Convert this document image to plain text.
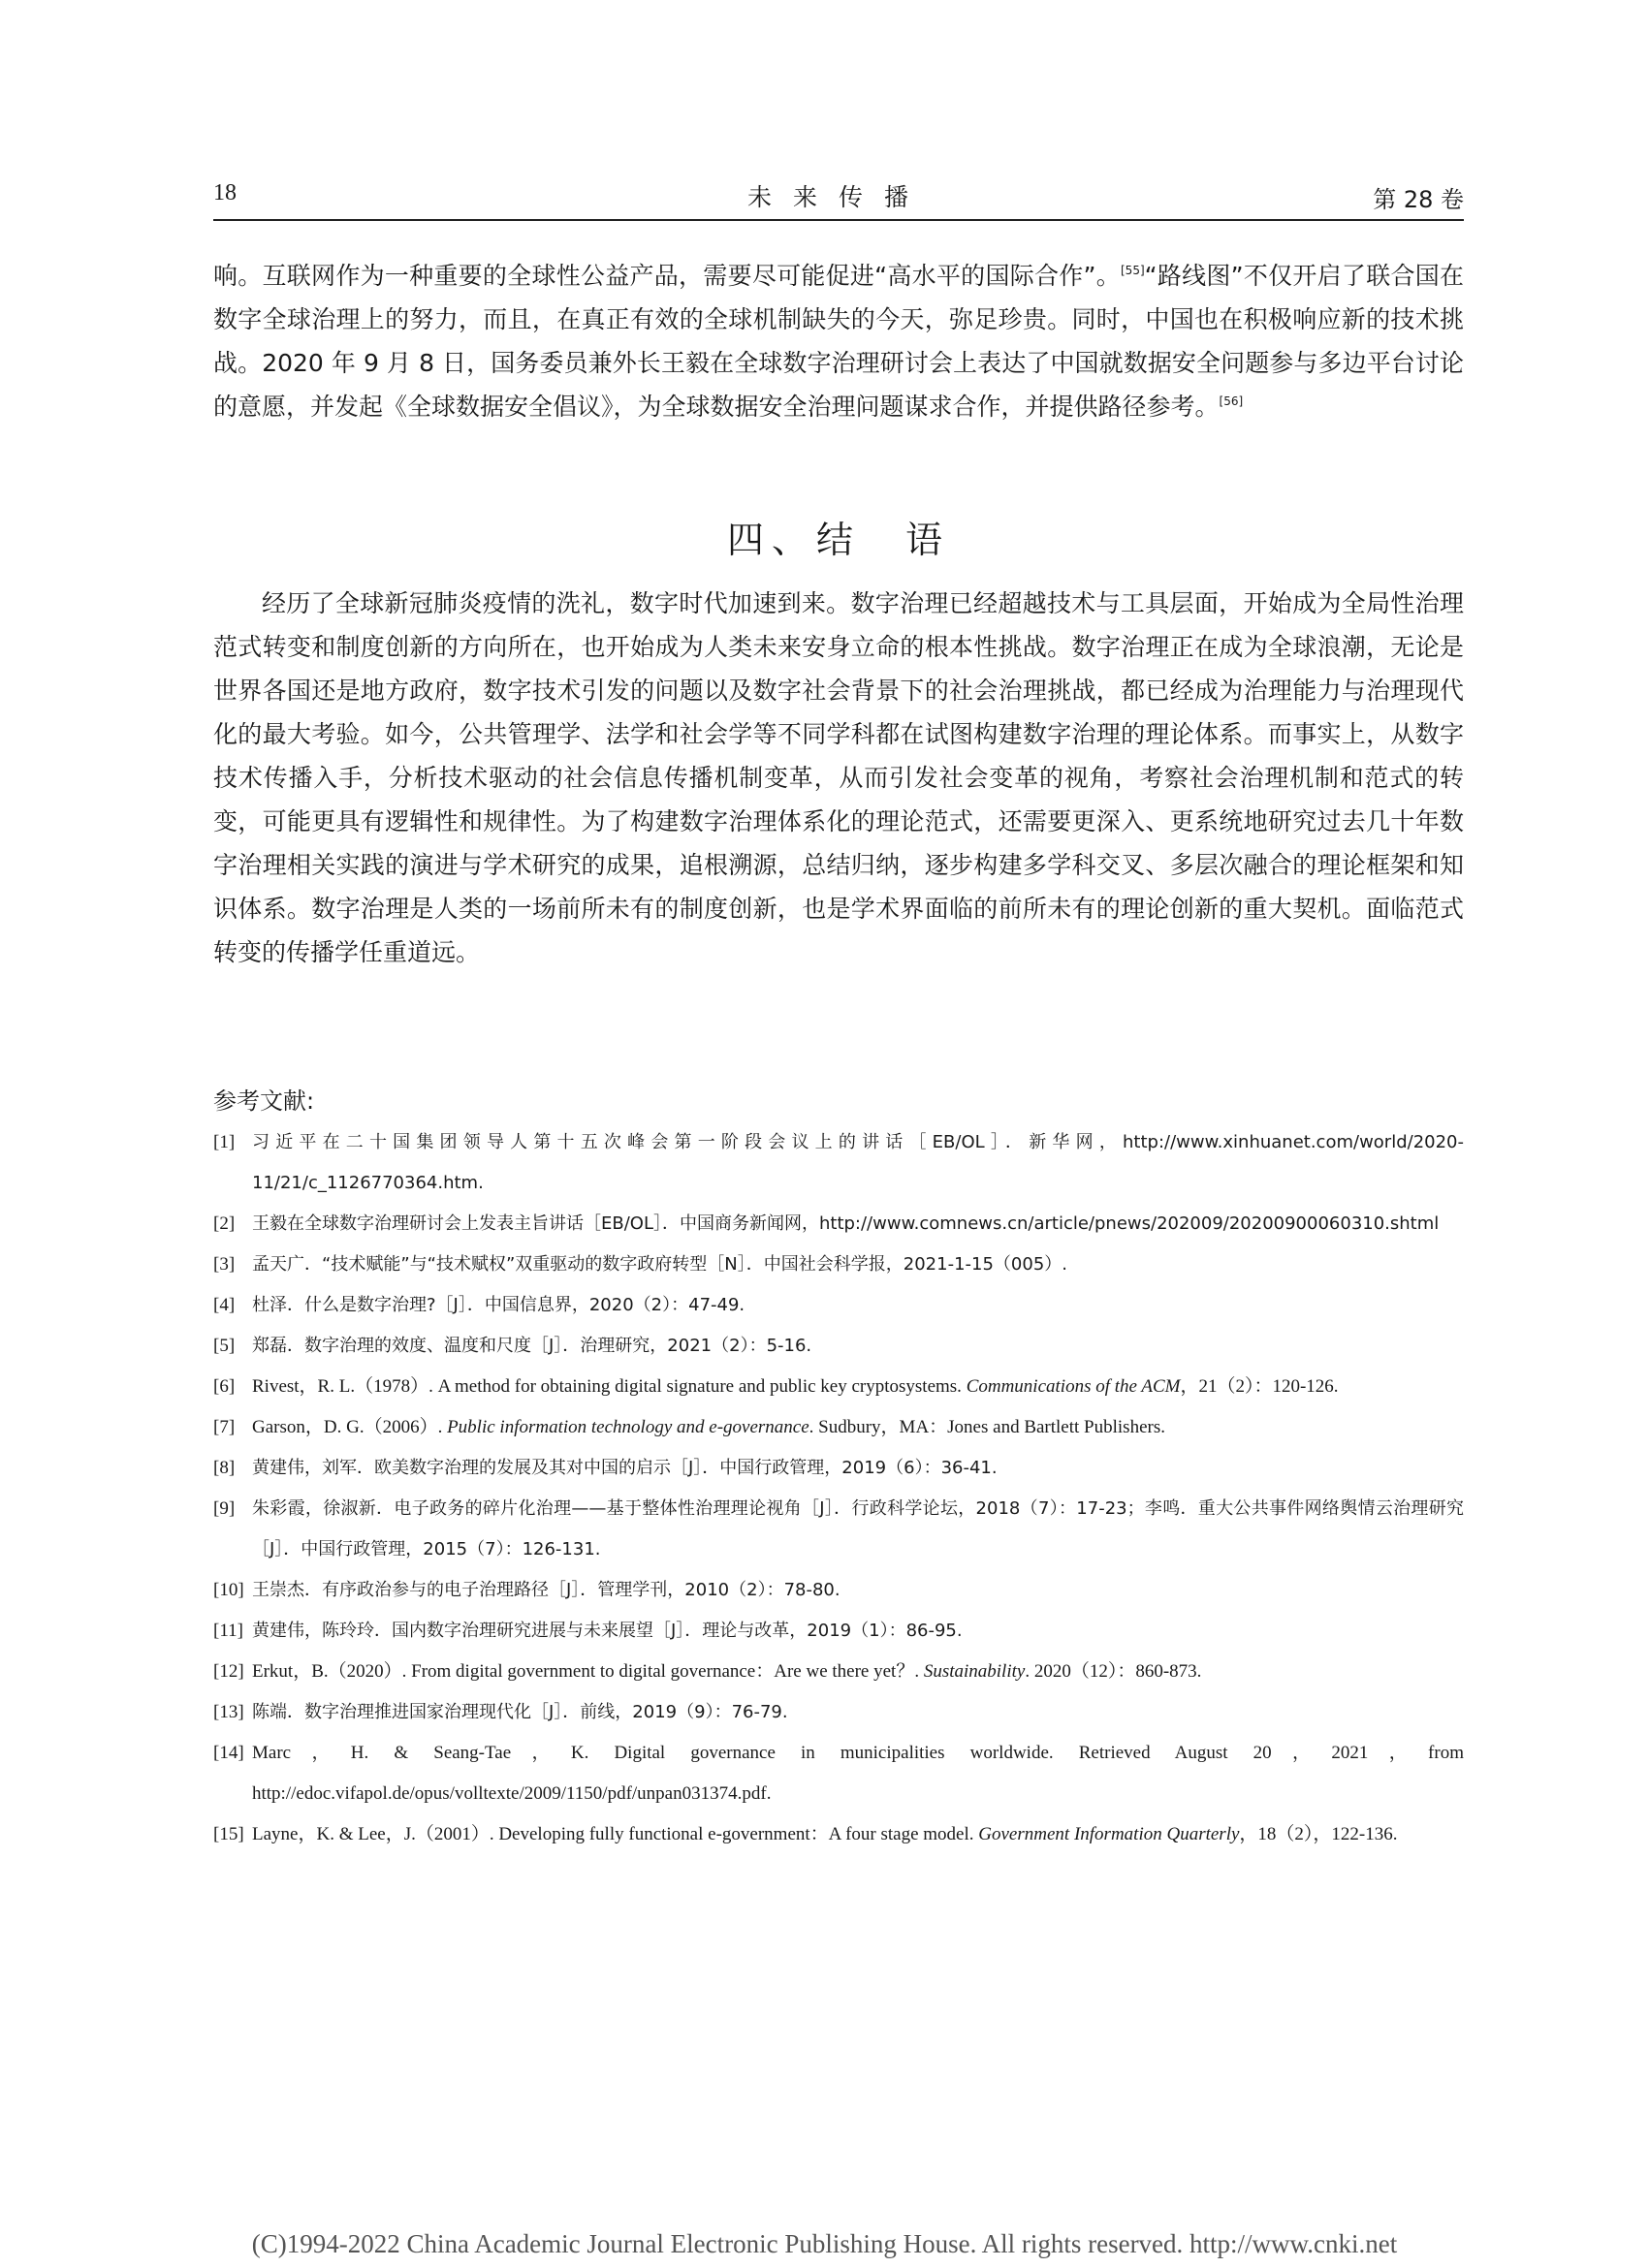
18	未来传播	第 28 卷
响。互联网作为一种重要的全球性公益产品，需要尽可能促进“高水平的国际合作”。[55]“路线图”不仅开启了联合国在数字全球治理上的努力，而且，在真正有效的全球机制缺失的今天，弥足珍贵。同时，中国也在积极响应新的技术挑战。2020 年 9 月 8 日，国务委员兼外长王毅在全球数字治理研讨会上表达了中国就数据安全问题参与多边平台讨论的意愿，并发起《全球数据安全倡议》，为全球数据安全治理问题谋求合作，并提供路径参考。[56]
四、结　语
经历了全球新冠肺炎疫情的洗礼，数字时代加速到来。数字治理已经超越技术与工具层面，开始成为全局性治理范式转变和制度创新的方向所在，也开始成为人类未来安身立命的根本性挑战。数字治理正在成为全球浪潮，无论是世界各国还是地方政府，数字技术引发的问题以及数字社会背景下的社会治理挑战，都已经成为治理能力与治理现代化的最大考验。如今，公共管理学、法学和社会学等不同学科都在试图构建数字治理的理论体系。而事实上，从数字技术传播入手，分析技术驱动的社会信息传播机制变革，从而引发社会变革的视角，考察社会治理机制和范式的转变，可能更具有逻辑性和规律性。为了构建数字治理体系化的理论范式，还需要更深入、更系统地研究过去几十年数字治理相关实践的演进与学术研究的成果，追根溯源，总结归纳，逐步构建多学科交叉、多层次融合的理论框架和知识体系。数字治理是人类的一场前所未有的制度创新，也是学术界面临的前所未有的理论创新的重大契机。面临范式转变的传播学任重道远。
参考文献:
[1] 习近平在二十国集团领导人第十五次峰会第一阶段会议上的讲话［EB/OL］．新华网，http://www.xinhuanet.com/world/2020-11/21/c_1126770364.htm.
[2] 王毅在全球数字治理研讨会上发表主旨讲话［EB/OL］．中国商务新闻网，http://www.comnews.cn/article/pnews/202009/20200900060310.shtml
[3] 孟天广．“技术赋能”与“技术赋权”双重驱动的数字政府转型［N］．中国社会科学报，2021-1-15（005）.
[4] 杜泽．什么是数字治理?［J］．中国信息界，2020（2）：47-49.
[5] 郑磊．数字治理的效度、温度和尺度［J］．治理研究，2021（2）：5-16.
[6] Rivest，R. L.（1978）. A method for obtaining digital signature and public key cryptosystems. Communications of the ACM，21（2）：120-126.
[7] Garson，D. G.（2006）. Public information technology and e-governance. Sudbury，MA：Jones and Bartlett Publishers.
[8] 黄建伟，刘军．欧美数字治理的发展及其对中国的启示［J］．中国行政管理，2019（6）：36-41.
[9] 朱彩霞，徐淑新．电子政务的碎片化治理——基于整体性治理理论视角［J］．行政科学论坛，2018（7）：17-23；李鸣．重大公共事件网络舆情云治理研究［J］．中国行政管理，2015（7）：126-131.
[10] 王崇杰．有序政治参与的电子治理路径［J］．管理学刊，2010（2）：78-80.
[11] 黄建伟，陈玲玲．国内数字治理研究进展与未来展望［J］．理论与改革，2019（1）：86-95.
[12] Erkut，B.（2020）. From digital government to digital governance：Are we there yet？. Sustainability. 2020（12）：860-873.
[13] 陈端．数字治理推进国家治理现代化［J］．前线，2019（9）：76-79.
[14] Marc，H. & Seang-Tae，K. Digital governance in municipalities worldwide. Retrieved August 20，2021，from http://edoc.vifapol.de/opus/volltexte/2009/1150/pdf/unpan031374.pdf.
[15] Layne，K. & Lee，J.（2001）. Developing fully functional e-government：A four stage model. Government Information Quarterly，18（2），122-136.
(C)1994-2022 China Academic Journal Electronic Publishing House. All rights reserved. http://www.cnki.net
